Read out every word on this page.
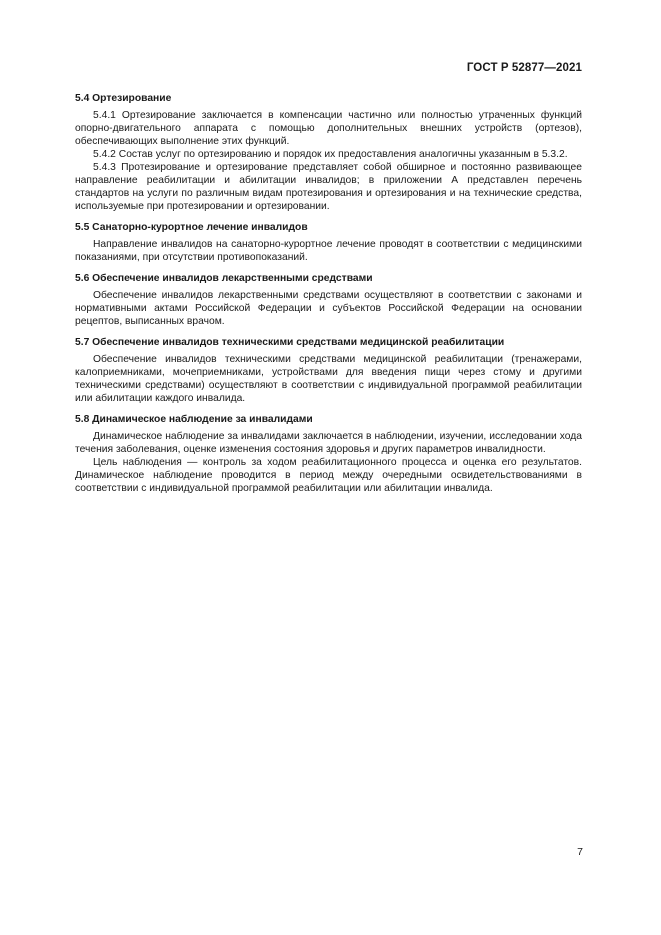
ГОСТ Р 52877—2021
5.4 Ортезирование

5.4.1 Ортезирование заключается в компенсации частично или полностью утраченных функций опорно-двигательного аппарата с помощью дополнительных внешних устройств (ортезов), обеспечивающих выполнение этих функций.

5.4.2 Состав услуг по ортезированию и порядок их предоставления аналогичны указанным в 5.3.2.

5.4.3 Протезирование и ортезирование представляет собой обширное и постоянно развивающее направление реабилитации и абилитации инвалидов; в приложении А представлен перечень стандартов на услуги по различным видам протезирования и ортезирования и на технические средства, используемые при протезировании и ортезировании.

5.5 Санаторно-курортное лечение инвалидов

Направление инвалидов на санаторно-курортное лечение проводят в соответствии с медицинскими показаниями, при отсутствии противопоказаний.

5.6 Обеспечение инвалидов лекарственными средствами

Обеспечение инвалидов лекарственными средствами осуществляют в соответствии с законами и нормативными актами Российской Федерации и субъектов Российской Федерации на основании рецептов, выписанных врачом.

5.7 Обеспечение инвалидов техническими средствами медицинской реабилитации

Обеспечение инвалидов техническими средствами медицинской реабилитации (тренажерами, калоприемниками, мочеприемниками, устройствами для введения пищи через стому и другими техническими средствами) осуществляют в соответствии с индивидуальной программой реабилитации или абилитации каждого инвалида.

5.8 Динамическое наблюдение за инвалидами

Динамическое наблюдение за инвалидами заключается в наблюдении, изучении, исследовании хода течения заболевания, оценке изменения состояния здоровья и других параметров инвалидности.

Цель наблюдения — контроль за ходом реабилитационного процесса и оценка его результатов. Динамическое наблюдение проводится в период между очередными освидетельствованиями в соответствии с индивидуальной программой реабилитации или абилитации инвалида.

7
